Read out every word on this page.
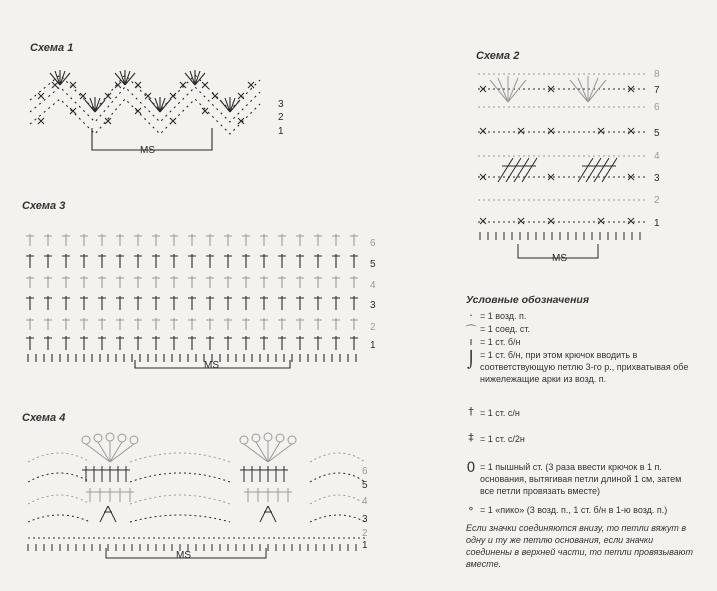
Схема 1
Схема 2
Схема 3
Схема 4
MS
3
2
1
MS
8
7
6
5
4
3
2
1
MS
6
5
4
3
2
1
MS
6
5
4
3
2
1
Условные обозначения
· = 1 возд. п.
⌒ = 1 соед. ст.
ı = 1 ст. б/н
⌡ = 1 ст. б/н, при этом крючок вводить в соответствующую петлю 3-го р., прихватывая обе нижележащие арки из возд. п.
† = 1 ст. с/н
‡ = 1 ст. с/2н
0 = 1 пышный ст. (3 раза ввести крючок в 1 п. основания, вытягивая петли длиной 1 см, затем все петли провязать вместе)
∘ = 1 «пико» (3 возд. п., 1 ст. б/н в 1-ю возд. п.)
Если значки соединяются внизу, то петли вяжут в одну и ту же петлю основания, если значки соединены в верхней части, то петли провязывают вместе.
